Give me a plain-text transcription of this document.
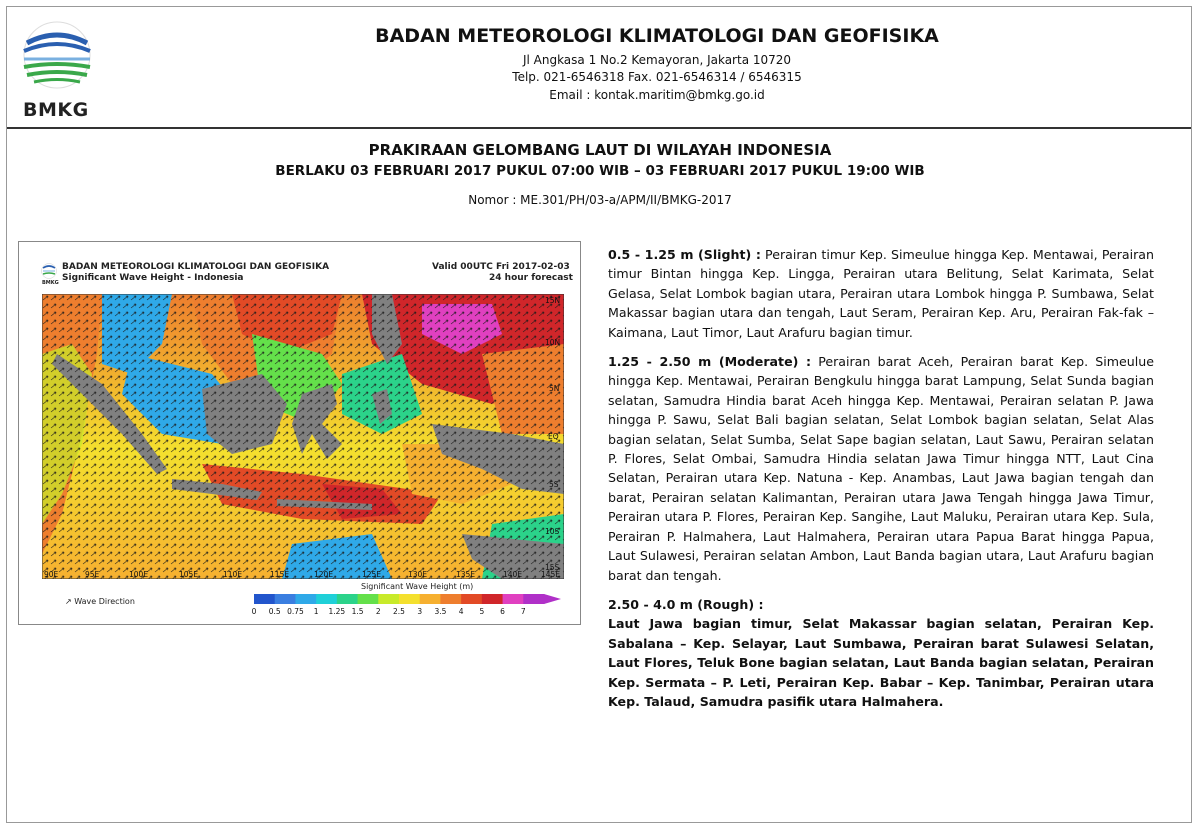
BMKG
BADAN METEOROLOGI KLIMATOLOGI DAN GEOFISIKA
Jl Angkasa 1 No.2 Kemayoran, Jakarta 10720
Telp. 021-6546318 Fax. 021-6546314 / 6546315
Email : kontak.maritim@bmkg.go.id
PRAKIRAAN GELOMBANG LAUT DI WILAYAH INDONESIA
BERLAKU 03 FEBRUARI 2017 PUKUL 07:00 WIB – 03 FEBRUARI 2017 PUKUL 19:00 WIB
Nomor : ME.301/PH/03-a/APM/II/BMKG-2017
BMKG
BADAN METEOROLOGI KLIMATOLOGI DAN GEOFISIKA
Significant Wave Height - Indonesia
Valid 00UTC Fri 2017-02-03
24 hour forecast
15N
10N
5N
EQ
5S
10S
15S
90E	95E	100E	105E	110E	115E	120E	125E	130E	135E	140E	145E
Significant Wave Height (m)
↗ Wave Direction
0 0.5 0.75 1 1.25 1.5 2 2.5 3 3.5 4 5 6 7

0.5 - 1.25 m (Slight) : Perairan timur Kep. Simeulue hingga Kep. Mentawai, Perairan timur Bintan hingga Kep. Lingga, Perairan utara Belitung, Selat Karimata, Selat Gelasa, Selat Lombok bagian utara, Perairan utara Lombok hingga P. Sumbawa, Selat Makassar bagian utara dan tengah, Laut Seram, Perairan Kep. Aru, Perairan Fak-fak – Kaimana, Laut Timor, Laut Arafuru bagian timur.

1.25 - 2.50 m (Moderate) : Perairan barat Aceh, Perairan barat Kep. Simeulue hingga Kep. Mentawai, Perairan Bengkulu hingga barat Lampung, Selat Sunda bagian selatan, Samudra Hindia barat Aceh hingga Kep. Mentawai, Perairan selatan P. Jawa hingga P. Sawu, Selat Bali bagian selatan, Selat Lombok bagian selatan, Selat Alas bagian selatan, Selat Sumba, Selat Sape bagian selatan, Laut Sawu, Perairan selatan P. Flores, Selat Ombai, Samudra Hindia selatan Jawa Timur hingga NTT, Laut Cina Selatan, Perairan utara Kep. Natuna - Kep. Anambas, Laut Jawa bagian tengah dan barat, Perairan selatan Kalimantan, Perairan utara Jawa Tengah hingga Jawa Timur, Perairan utara P. Flores, Perairan Kep. Sangihe, Laut Maluku, Perairan utara Kep. Sula, Perairan P. Halmahera, Laut Halmahera, Perairan utara Papua Barat hingga Papua, Laut Sulawesi, Perairan selatan Ambon, Laut Banda bagian utara, Laut Arafuru bagian barat dan tengah.

2.50 - 4.0 m (Rough) :

Laut Jawa bagian timur, Selat Makassar bagian selatan, Perairan Kep. Sabalana – Kep. Selayar, Laut Sumbawa, Perairan barat Sulawesi Selatan, Laut Flores, Teluk Bone bagian selatan, Laut Banda bagian selatan, Perairan Kep. Sermata – P. Leti, Perairan Kep. Babar – Kep. Tanimbar, Perairan utara Kep. Talaud, Samudra pasifik utara Halmahera.
